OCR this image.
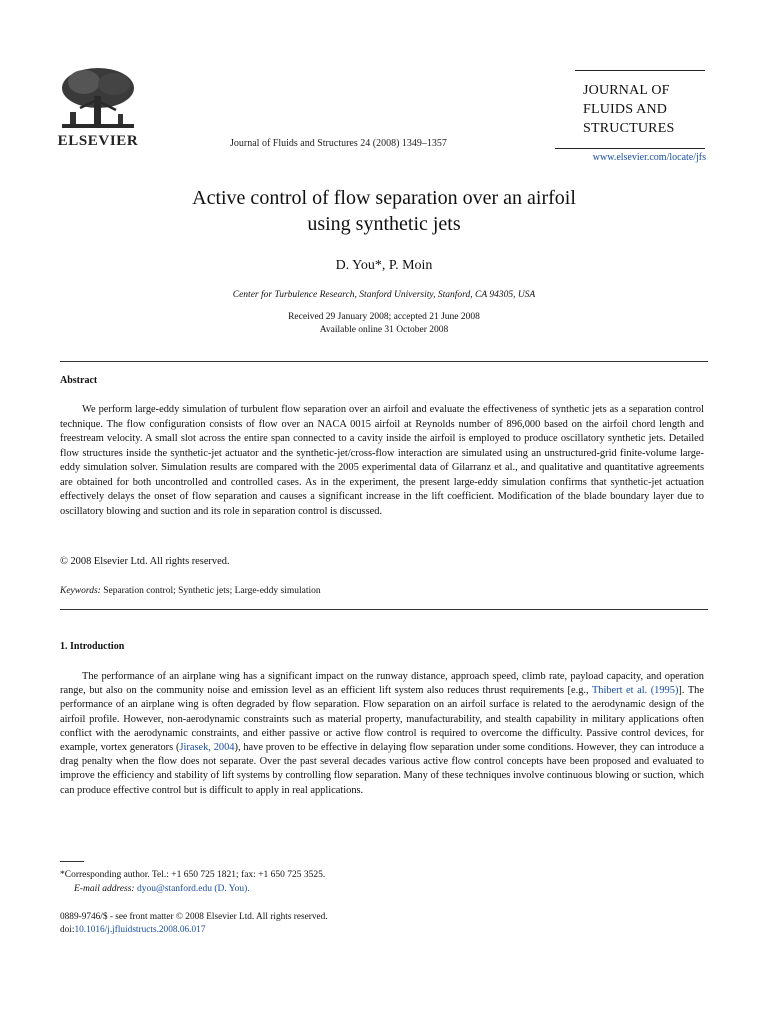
ELSEVIER	Journal of Fluids and Structures 24 (2008) 1349–1357
JOURNAL OF
FLUIDS AND
STRUCTURES
www.elsevier.com/locate/jfs
Active control of flow separation over an airfoil
using synthetic jets
D. You*, P. Moin
Center for Turbulence Research, Stanford University, Stanford, CA 94305, USA
Received 29 January 2008; accepted 21 June 2008
Available online 31 October 2008
Abstract
We perform large-eddy simulation of turbulent flow separation over an airfoil and evaluate the effectiveness of synthetic jets as a separation control technique. The flow configuration consists of flow over an NACA 0015 airfoil at Reynolds number of 896,000 based on the airfoil chord length and freestream velocity. A small slot across the entire span connected to a cavity inside the airfoil is employed to produce oscillatory synthetic jets. Detailed flow structures inside the synthetic-jet actuator and the synthetic-jet/cross-flow interaction are simulated using an unstructured-grid finite-volume large-eddy simulation solver. Simulation results are compared with the 2005 experimental data of Gilarranz et al., and qualitative and quantitative agreements are obtained for both uncontrolled and controlled cases. As in the experiment, the present large-eddy simulation confirms that synthetic-jet actuation effectively delays the onset of flow separation and causes a significant increase in the lift coefficient. Modification of the blade boundary layer due to oscillatory blowing and suction and its role in separation control is discussed.
© 2008 Elsevier Ltd. All rights reserved.
Keywords: Separation control; Synthetic jets; Large-eddy simulation
1. Introduction
The performance of an airplane wing has a significant impact on the runway distance, approach speed, climb rate, payload capacity, and operation range, but also on the community noise and emission level as an efficient lift system also reduces thrust requirements [e.g., Thibert et al. (1995)]. The performance of an airplane wing is often degraded by flow separation. Flow separation on an airfoil surface is related to the aerodynamic design of the airfoil profile. However, non-aerodynamic constraints such as material property, manufacturability, and stealth capability in military applications often conflict with the aerodynamic constraints, and either passive or active flow control is required to overcome the difficulty. Passive control devices, for example, vortex generators (Jirasek, 2004), have proven to be effective in delaying flow separation under some conditions. However, they can introduce a drag penalty when the flow does not separate. Over the past several decades various active flow control concepts have been proposed and evaluated to improve the efficiency and stability of lift systems by controlling flow separation. Many of these techniques involve continuous blowing or suction, which can produce effective control but is difficult to apply in real applications.
*Corresponding author. Tel.: +1 650 725 1821; fax: +1 650 725 3525.
E-mail address: dyou@stanford.edu (D. You).
0889-9746/$ - see front matter © 2008 Elsevier Ltd. All rights reserved.
doi:10.1016/j.jfluidstructs.2008.06.017
